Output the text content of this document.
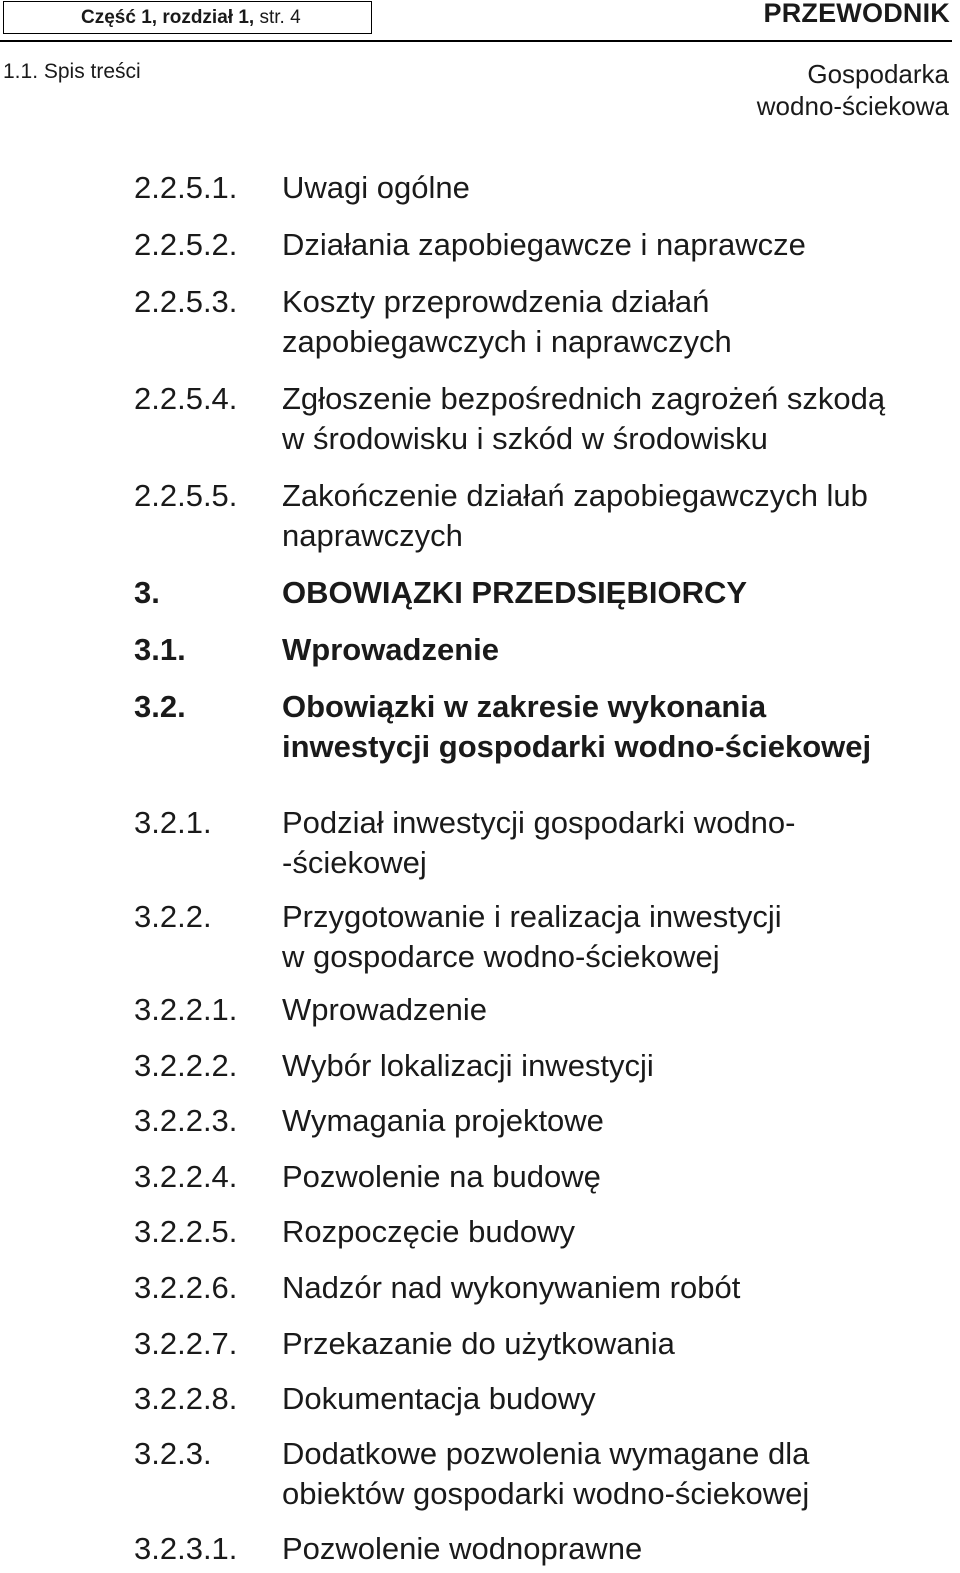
Część 1, rozdział 1, str. 4	PRZEWODNIK
1.1. Spis treści	Gospodarka
wodno-ściekowa
2.2.5.1. Uwagi ogólne
2.2.5.2. Działania zapobiegawcze i naprawcze
2.2.5.3. Koszty przeprowdzenia działań
zapobiegawczych i naprawczych
2.2.5.4. Zgłoszenie bezpośrednich zagrożeń szkodą
w środowisku i szkód w środowisku
2.2.5.5. Zakończenie działań zapobiegawczych lub
naprawczych
3.	OBOWIĄZKI PRZEDSIĘBIORCY
3.1.	Wprowadzenie
3.2.	Obowiązki w zakresie wykonania
inwestycji gospodarki wodno-ściekowej
3.2.1. Podział inwestycji gospodarki wodno-
-ściekowej
3.2.2. Przygotowanie i realizacja inwestycji
w gospodarce wodno-ściekowej
3.2.2.1. Wprowadzenie
3.2.2.2. Wybór lokalizacji inwestycji
3.2.2.3. Wymagania projektowe
3.2.2.4. Pozwolenie na budowę
3.2.2.5. Rozpoczęcie budowy
3.2.2.6. Nadzór nad wykonywaniem robót
3.2.2.7. Przekazanie do użytkowania
3.2.2.8. Dokumentacja budowy
3.2.3. Dodatkowe pozwolenia wymagane dla
obiektów gospodarki wodno-ściekowej
3.2.3.1. Pozwolenie wodnoprawne
